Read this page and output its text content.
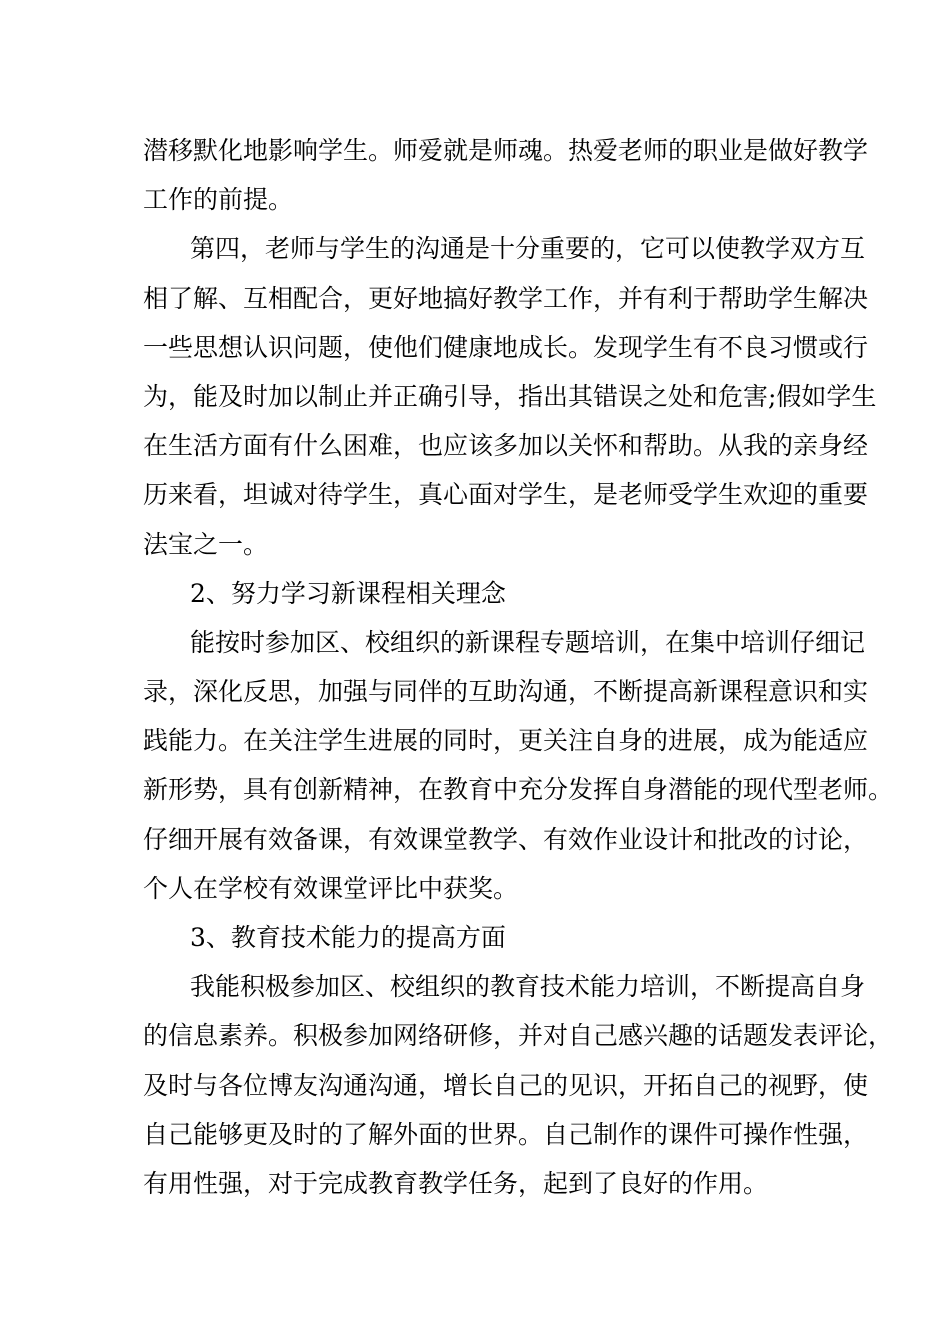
潜移默化地影响学生。师爱就是师魂。热爱老师的职业是做好教学
工作的前提。
第四，老师与学生的沟通是十分重要的，它可以使教学双方互
相了解、互相配合，更好地搞好教学工作，并有利于帮助学生解决
一些思想认识问题，使他们健康地成长。发现学生有不良习惯或行
为，能及时加以制止并正确引导，指出其错误之处和危害;假如学生
在生活方面有什么困难，也应该多加以关怀和帮助。从我的亲身经
历来看，坦诚对待学生，真心面对学生，是老师受学生欢迎的重要
法宝之一。
2、努力学习新课程相关理念
能按时参加区、校组织的新课程专题培训，在集中培训仔细记
录，深化反思，加强与同伴的互助沟通，不断提高新课程意识和实
践能力。在关注学生进展的同时，更关注自身的进展，成为能适应
新形势，具有创新精神，在教育中充分发挥自身潜能的现代型老师。
仔细开展有效备课，有效课堂教学、有效作业设计和批改的讨论，
个人在学校有效课堂评比中获奖。
3、教育技术能力的提高方面
我能积极参加区、校组织的教育技术能力培训，不断提高自身
的信息素养。积极参加网络研修，并对自己感兴趣的话题发表评论，
及时与各位博友沟通沟通，增长自己的见识，开拓自己的视野，使
自己能够更及时的了解外面的世界。自己制作的课件可操作性强，
有用性强，对于完成教育教学任务，起到了良好的作用。
